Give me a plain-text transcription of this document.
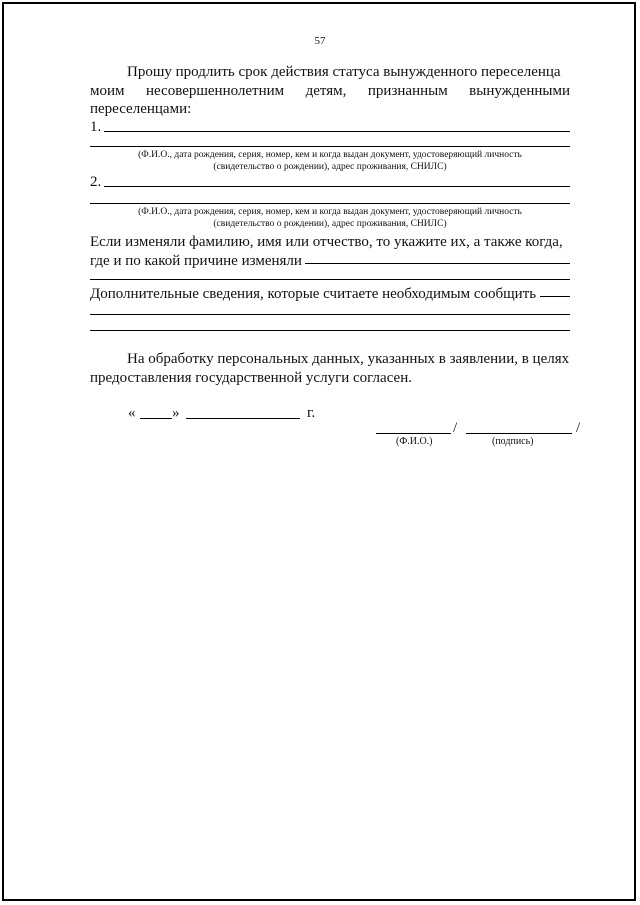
57
Прошу продлить срок действия статуса вынужденного переселенца
моим несовершеннолетним детям, признанным вынужденными
переселенцами:
1.
(Ф.И.О., дата рождения, серия, номер, кем и когда выдан документ, удостоверяющий личность
(свидетельство о рождении), адрес проживания, СНИЛС)
2.
(Ф.И.О., дата рождения, серия, номер, кем и когда выдан документ, удостоверяющий личность
(свидетельство о рождении), адрес проживания, СНИЛС)
Если изменяли фамилию, имя или отчество, то укажите их, а также когда,
где и по какой причине изменяли
Дополнительные сведения, которые считаете необходимым сообщить
На обработку персональных данных, указанных в заявлении, в целях
предоставления государственной услуги согласен.
« »	г.
/	/
(Ф.И.О.)	(подпись)
